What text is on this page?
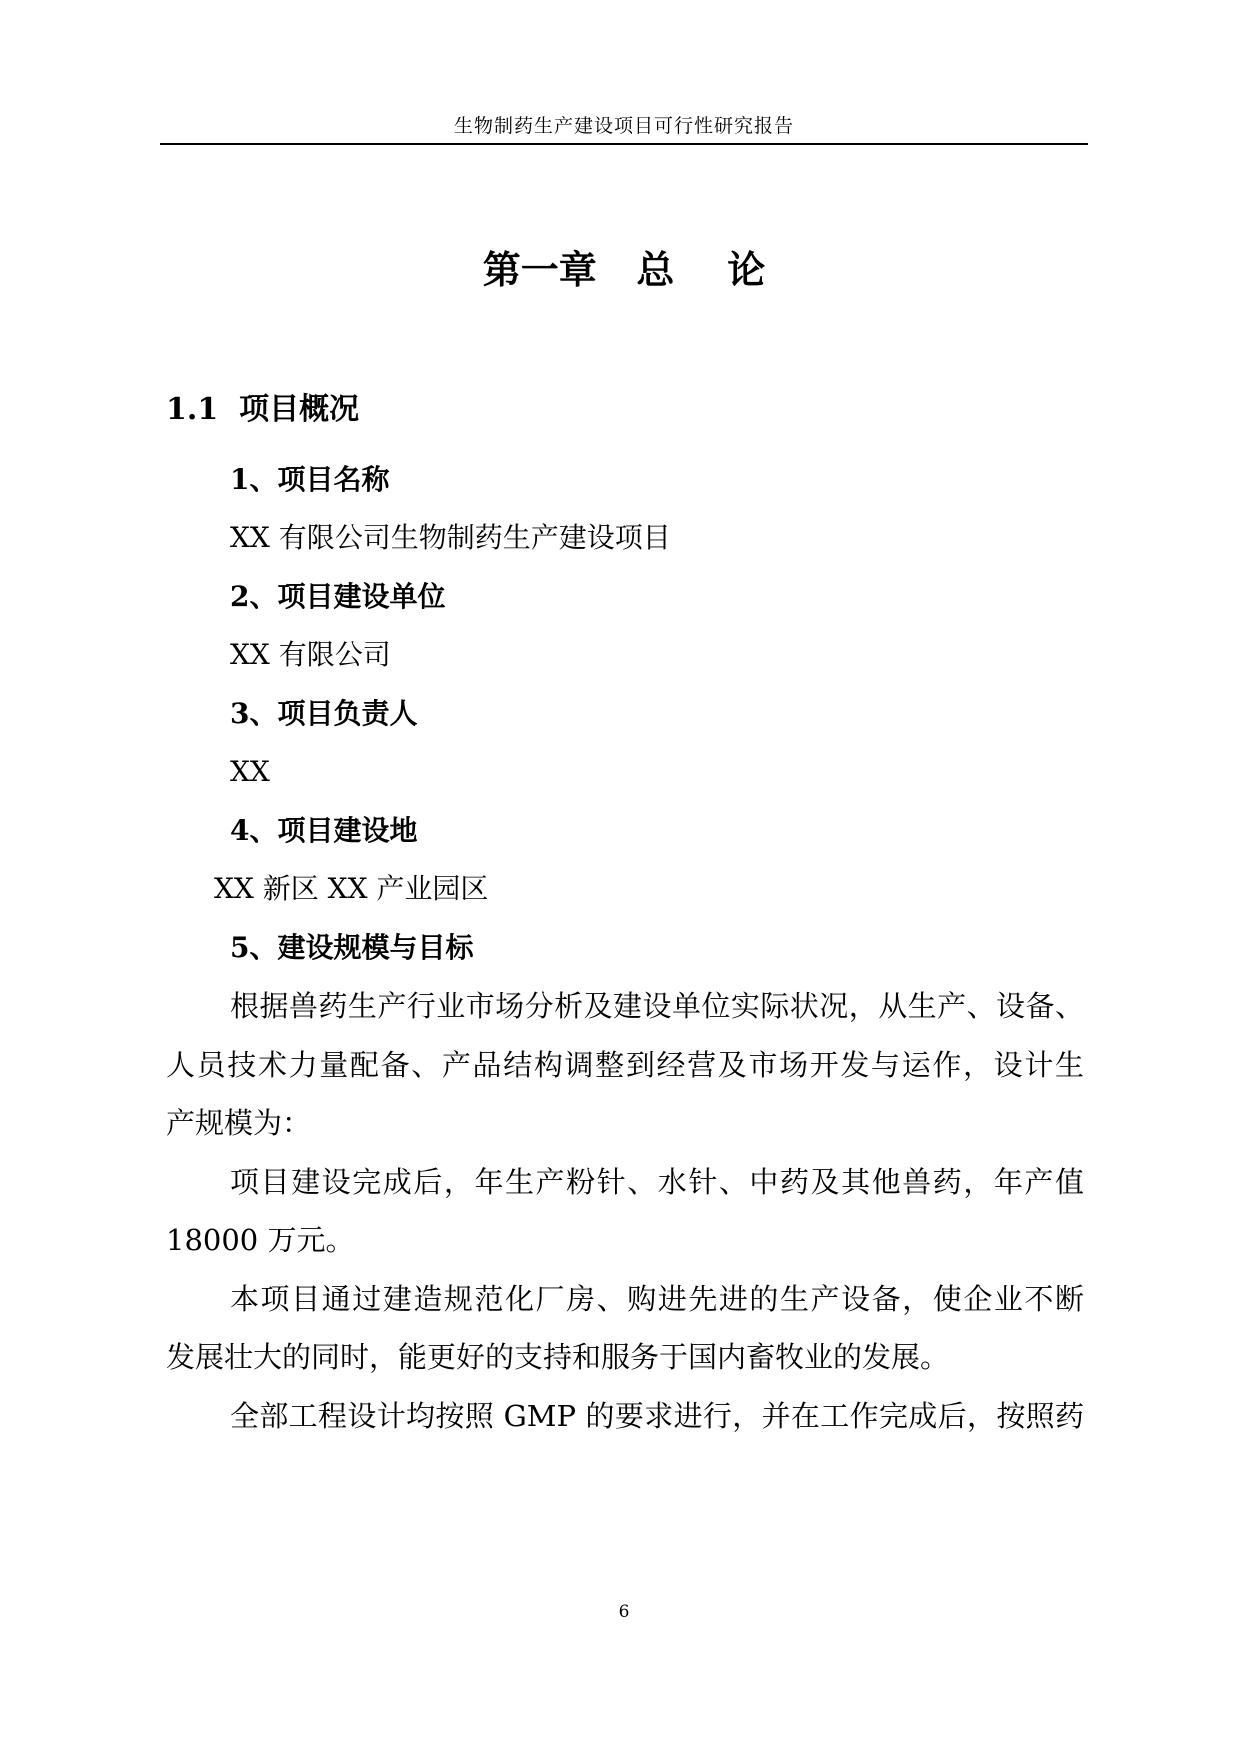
生物制药生产建设项目可行性研究报告
第一章   总    论
1.1  项目概况
1、项目名称
XX 有限公司生物制药生产建设项目
2、项目建设单位
XX 有限公司
3、项目负责人
XX
4、项目建设地
XX 新区 XX 产业园区
5、建设规模与目标
根据兽药生产行业市场分析及建设单位实际状况，从生产、设备、
人员技术力量配备、产品结构调整到经营及市场开发与运作，设计生
产规模为：
项目建设完成后，年生产粉针、水针、中药及其他兽药，年产值
18000 万元。
本项目通过建造规范化厂房、购进先进的生产设备，使企业不断
发展壮大的同时，能更好的支持和服务于国内畜牧业的发展。
全部工程设计均按照 GMP 的要求进行，并在工作完成后，按照药
6
